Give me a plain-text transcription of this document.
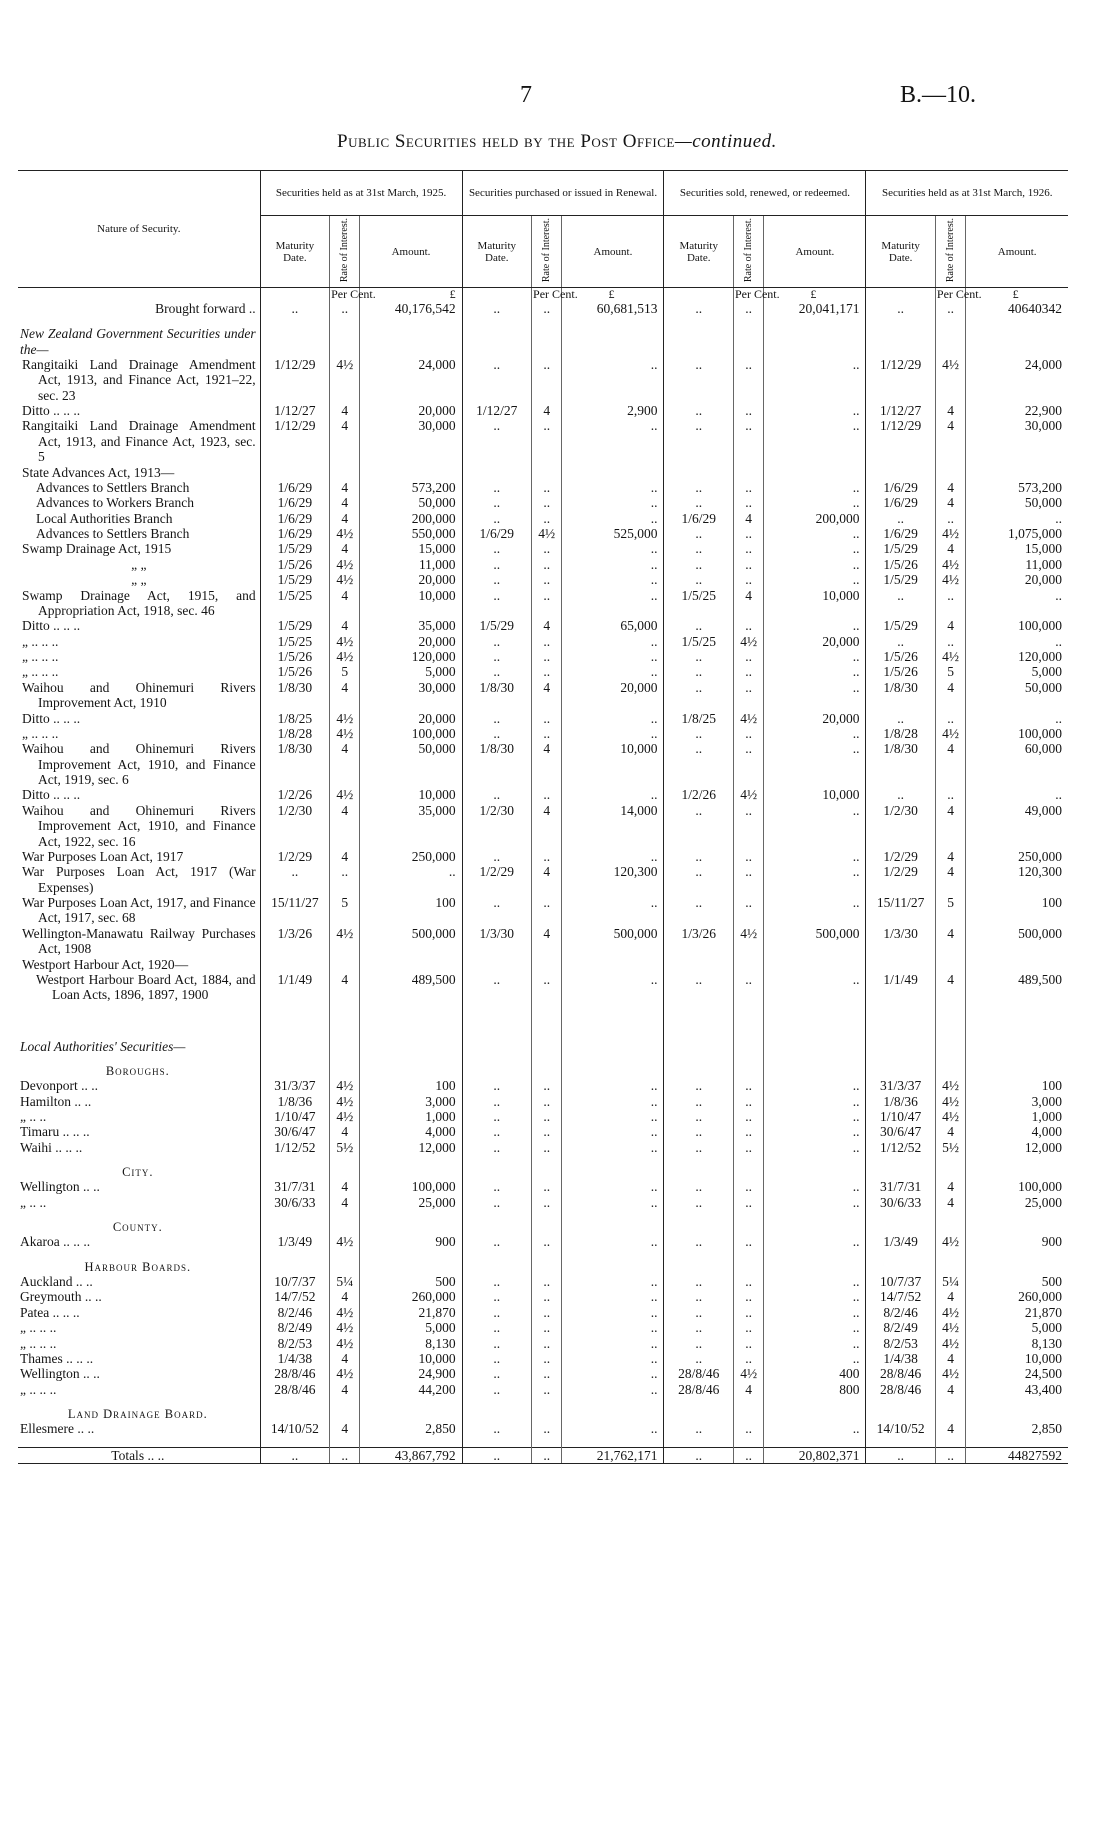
7	B.—10.
Public Securities held by the Post Office—continued.
Nature of Security.	Securities held as at 31st March, 1925.			Securities purchased or issued in Renewal.			Securities sold, renewed, or redeemed.			Securities held as at 31st March, 1926.		
	Maturity Date.	Rate of Interest.	Amount.	Maturity Date.	Rate of Interest.	Amount.	Maturity Date.	Rate of Interest.	Amount.	Maturity Date.	Rate of Interest.	Amount.
		Per Cent.	£		Per Cent.	£		Per Cent.	£		Per Cent.	£
Brought forward ..	..	..	40,176,542	..	..	60,681,513	..	..	20,041,171	..	..	40640342

New Zealand Government Securities under the—												
Rangitaiki Land Drainage Amendment Act, 1913, and Finance Act, 1921–22, sec. 23	1/12/29	4½	24,000	..	..	..	..	..	..	1/12/29	4½	24,000
Ditto .. .. ..	1/12/27	4	20,000	1/12/27	4	2,900	..	..	..	1/12/27	4	22,900
Rangitaiki Land Drainage Amendment Act, 1913, and Finance Act, 1923, sec. 5	1/12/29	4	30,000	..	..	..	..	..	..	1/12/29	4	30,000
State Advances Act, 1913—												
Advances to Settlers Branch	1/6/29	4	573,200	..	..	..	..	..	..	1/6/29	4	573,200
Advances to Workers Branch	1/6/29	4	50,000	..	..	..	..	..	..	1/6/29	4	50,000
Local Authorities Branch	1/6/29	4	200,000	..	..	..	1/6/29	4	200,000	..	..	..
Advances to Settlers Branch	1/6/29	4½	550,000	1/6/29	4½	525,000	..	..	..	1/6/29	4½	1,075,000
Swamp Drainage Act, 1915	1/5/29	4	15,000	..	..	..	..	..	..	1/5/29	4	15,000
„ „	1/5/26	4½	11,000	..	..	..	..	..	..	1/5/26	4½	11,000
„ „	1/5/29	4½	20,000	..	..	..	..	..	..	1/5/29	4½	20,000
Swamp Drainage Act, 1915, and Appropriation Act, 1918, sec. 46	1/5/25	4	10,000	..	..	..	1/5/25	4	10,000	..	..	..
Ditto .. .. ..	1/5/29	4	35,000	1/5/29	4	65,000	..	..	..	1/5/29	4	100,000
„ .. .. ..	1/5/25	4½	20,000	..	..	..	1/5/25	4½	20,000	..	..	..
„ .. .. ..	1/5/26	4½	120,000	..	..	..	..	..	..	1/5/26	4½	120,000
„ .. .. ..	1/5/26	5	5,000	..	..	..	..	..	..	1/5/26	5	5,000
Waihou and Ohinemuri Rivers Improvement Act, 1910	1/8/30	4	30,000	1/8/30	4	20,000	..	..	..	1/8/30	4	50,000
Ditto .. .. ..	1/8/25	4½	20,000	..	..	..	1/8/25	4½	20,000	..	..	..
„ .. .. ..	1/8/28	4½	100,000	..	..	..	..	..	..	1/8/28	4½	100,000
Waihou and Ohinemuri Rivers Improvement Act, 1910, and Finance Act, 1919, sec. 6	1/8/30	4	50,000	1/8/30	4	10,000	..	..	..	1/8/30	4	60,000
Ditto .. .. ..	1/2/26	4½	10,000	..	..	..	1/2/26	4½	10,000	..	..	..
Waihou and Ohinemuri Rivers Improvement Act, 1910, and Finance Act, 1922, sec. 16	1/2/30	4	35,000	1/2/30	4	14,000	..	..	..	1/2/30	4	49,000
War Purposes Loan Act, 1917	1/2/29	4	250,000	..	..	..	..	..	..	1/2/29	4	250,000
War Purposes Loan Act, 1917 (War Expenses)	..	..	..	1/2/29	4	120,300	..	..	..	1/2/29	4	120,300
War Purposes Loan Act, 1917, and Finance Act, 1917, sec. 68	15/11/27	5	100	..	..	..	..	..	..	15/11/27	5	100
Wellington-Manawatu Railway Purchases Act, 1908	1/3/26	4½	500,000	1/3/30	4	500,000	1/3/26	4½	500,000	1/3/30	4	500,000
Westport Harbour Act, 1920—												
Westport Harbour Board Act, 1884, and Loan Acts, 1896, 1897, 1900	1/1/49	4	489,500	..	..	..	..	..	..	1/1/49	4	489,500

Local Authorities' Securities—												

Boroughs.												
Devonport .. ..	31/3/37	4½	100	..	..	..	..	..	..	31/3/37	4½	100
Hamilton .. ..	1/8/36	4½	3,000	..	..	..	..	..	..	1/8/36	4½	3,000
„ .. ..	1/10/47	4½	1,000	..	..	..	..	..	..	1/10/47	4½	1,000
Timaru .. .. ..	30/6/47	4	4,000	..	..	..	..	..	..	30/6/47	4	4,000
Waihi .. .. ..	1/12/52	5½	12,000	..	..	..	..	..	..	1/12/52	5½	12,000

City.												
Wellington .. ..	31/7/31	4	100,000	..	..	..	..	..	..	31/7/31	4	100,000
„ .. ..	30/6/33	4	25,000	..	..	..	..	..	..	30/6/33	4	25,000

County.												
Akaroa .. .. ..	1/3/49	4½	900	..	..	..	..	..	..	1/3/49	4½	900

Harbour Boards.												
Auckland .. ..	10/7/37	5¼	500	..	..	..	..	..	..	10/7/37	5¼	500
Greymouth .. ..	14/7/52	4	260,000	..	..	..	..	..	..	14/7/52	4	260,000
Patea .. .. ..	8/2/46	4½	21,870	..	..	..	..	..	..	8/2/46	4½	21,870
„ .. .. ..	8/2/49	4½	5,000	..	..	..	..	..	..	8/2/49	4½	5,000
„ .. .. ..	8/2/53	4½	8,130	..	..	..	..	..	..	8/2/53	4½	8,130
Thames .. .. ..	1/4/38	4	10,000	..	..	..	..	..	..	1/4/38	4	10,000
Wellington .. ..	28/8/46	4½	24,900	..	..	..	28/8/46	4½	400	28/8/46	4½	24,500
„ .. .. ..	28/8/46	4	44,200	..	..	..	28/8/46	4	800	28/8/46	4	43,400

Land Drainage Board.												
Ellesmere .. ..	14/10/52	4	2,850	..	..	..	..	..	..	14/10/52	4	2,850

Totals .. ..	..	..	43,867,792	..	..	21,762,171	..	..	20,802,371	..	..	44827592
